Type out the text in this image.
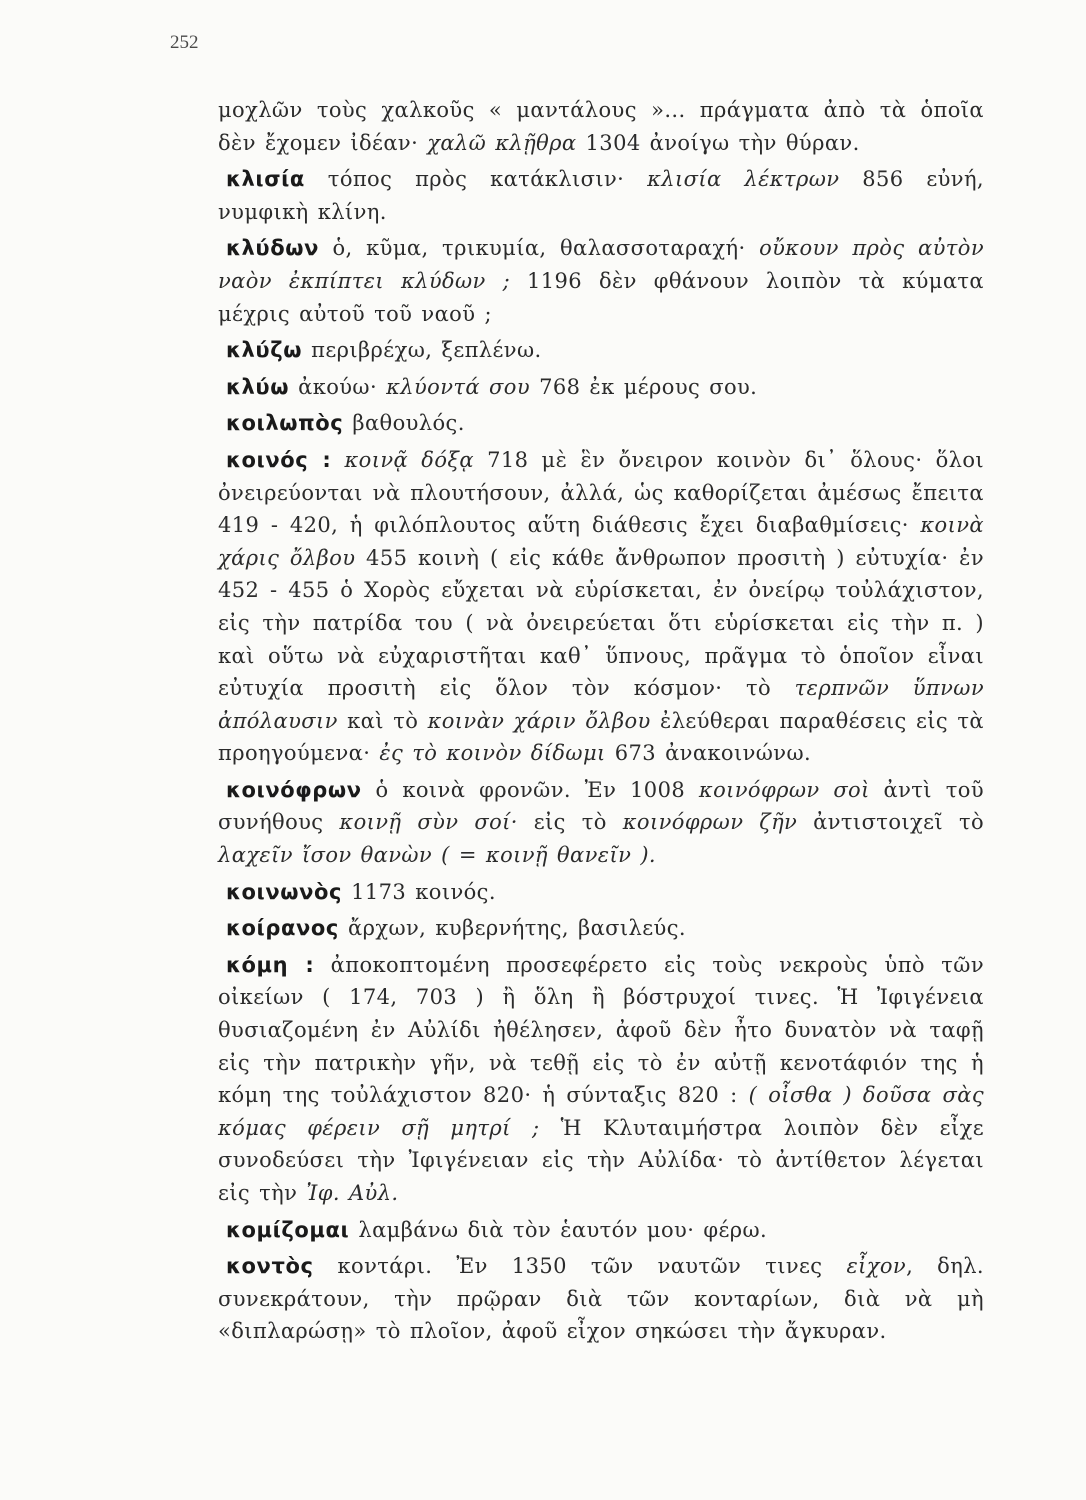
252

μοχλῶν τοὺς χαλκοῦς « μαντάλους »... πράγματα ἀπὸ τὰ ὁποῖα δὲν ἔχομεν ἰδέαν· χαλῶ κλῇθρα 1304 ἀνοίγω τὴν θύραν.

κλισία τόπος πρὸς κατάκλισιν· κλισία λέκτρων 856 εὐνή, νυμφικὴ κλίνη.

κλύδων ὁ, κῦμα, τρικυμία, θαλασσοταραχή· οὔκουν πρὸς αὐτὸν ναὸν ἐκπίπτει κλύδων ; 1196 δὲν φθάνουν λοιπὸν τὰ κύματα μέχρις αὐτοῦ τοῦ ναοῦ ;

κλύζω περιβρέχω, ξεπλένω.

κλύω ἀκούω· κλύοντά σου 768 ἐκ μέρους σου.

κοιλωπὸς βαθουλός.

κοινός : κοινᾷ δόξᾳ 718 μὲ ἓν ὄνειρον κοινὸν δι᾽ ὅλους· ὅλοι ὀνειρεύονται νὰ πλουτήσουν, ἀλλά, ὡς καθορίζεται ἀμέσως ἔπειτα 419 - 420, ἡ φιλόπλουτος αὕτη διάθεσις ἔχει διαβαθμίσεις· κοινὰ χάρις ὄλβου 455 κοινὴ ( εἰς κάθε ἄνθρωπον προσιτὴ ) εὐτυχία· ἐν 452 - 455 ὁ Χορὸς εὔχεται νὰ εὑρίσκεται, ἐν ὀνείρῳ τοὐλάχιστον, εἰς τὴν πατρίδα του ( νὰ ὀνειρεύεται ὅτι εὑρίσκεται εἰς τὴν π. ) καὶ οὕτω νὰ εὐχαριστῆται καθ᾽ ὕπνους, πρᾶγμα τὸ ὁποῖον εἶναι εὐτυχία προσιτὴ εἰς ὅλον τὸν κόσμον· τὸ τερπνῶν ὕπνων ἀπόλαυσιν καὶ τὸ κοινὰν χάριν ὄλβου ἐλεύθεραι παραθέσεις εἰς τὰ προηγούμενα· ἐς τὸ κοινὸν δίδωμι 673 ἀνακοινώνω.

κοινόφρων ὁ κοινὰ φρονῶν. Ἐν 1008 κοινόφρων σοὶ ἀντὶ τοῦ συνήθους κοινῇ σὺν σοί· εἰς τὸ κοινόφρων ζῆν ἀντιστοιχεῖ τὸ λαχεῖν ἴσον θανὼν ( = κοινῇ θανεῖν ).

κοινωνὸς 1173 κοινός.

κοίρανος ἄρχων, κυβερνήτης, βασιλεύς.

κόμη : ἀποκοπτομένη προσεφέρετο εἰς τοὺς νεκροὺς ὑπὸ τῶν οἰκείων ( 174, 703 ) ἢ ὅλη ἢ βόστρυχοί τινες. Ἡ Ἰφιγένεια θυσιαζομένη ἐν Αὐλίδι ἠθέλησεν, ἀφοῦ δὲν ἦτο δυνατὸν νὰ ταφῇ εἰς τὴν πατρικὴν γῆν, νὰ τεθῇ εἰς τὸ ἐν αὐτῇ κενοτάφιόν της ἡ κόμη της τοὐλάχιστον 820· ἡ σύνταξις 820 : ( οἶσθα ) δοῦσα σὰς κόμας φέρειν σῇ μητρί ; Ἡ Κλυταιμήστρα λοιπὸν δὲν εἶχε συνοδεύσει τὴν Ἰφιγένειαν εἰς τὴν Αὐλίδα· τὸ ἀντίθετον λέγεται εἰς τὴν Ἰφ. Αὐλ.

κομίζομαι λαμβάνω διὰ τὸν ἑαυτόν μου· φέρω.

κοντὸς κοντάρι. Ἐν 1350 τῶν ναυτῶν τινες εἶχον, δηλ. συνεκράτουν, τὴν πρῷραν διὰ τῶν κονταρίων, διὰ νὰ μὴ «διπλαρώσῃ» τὸ πλοῖον, ἀφοῦ εἶχον σηκώσει τὴν ἄγκυραν.
